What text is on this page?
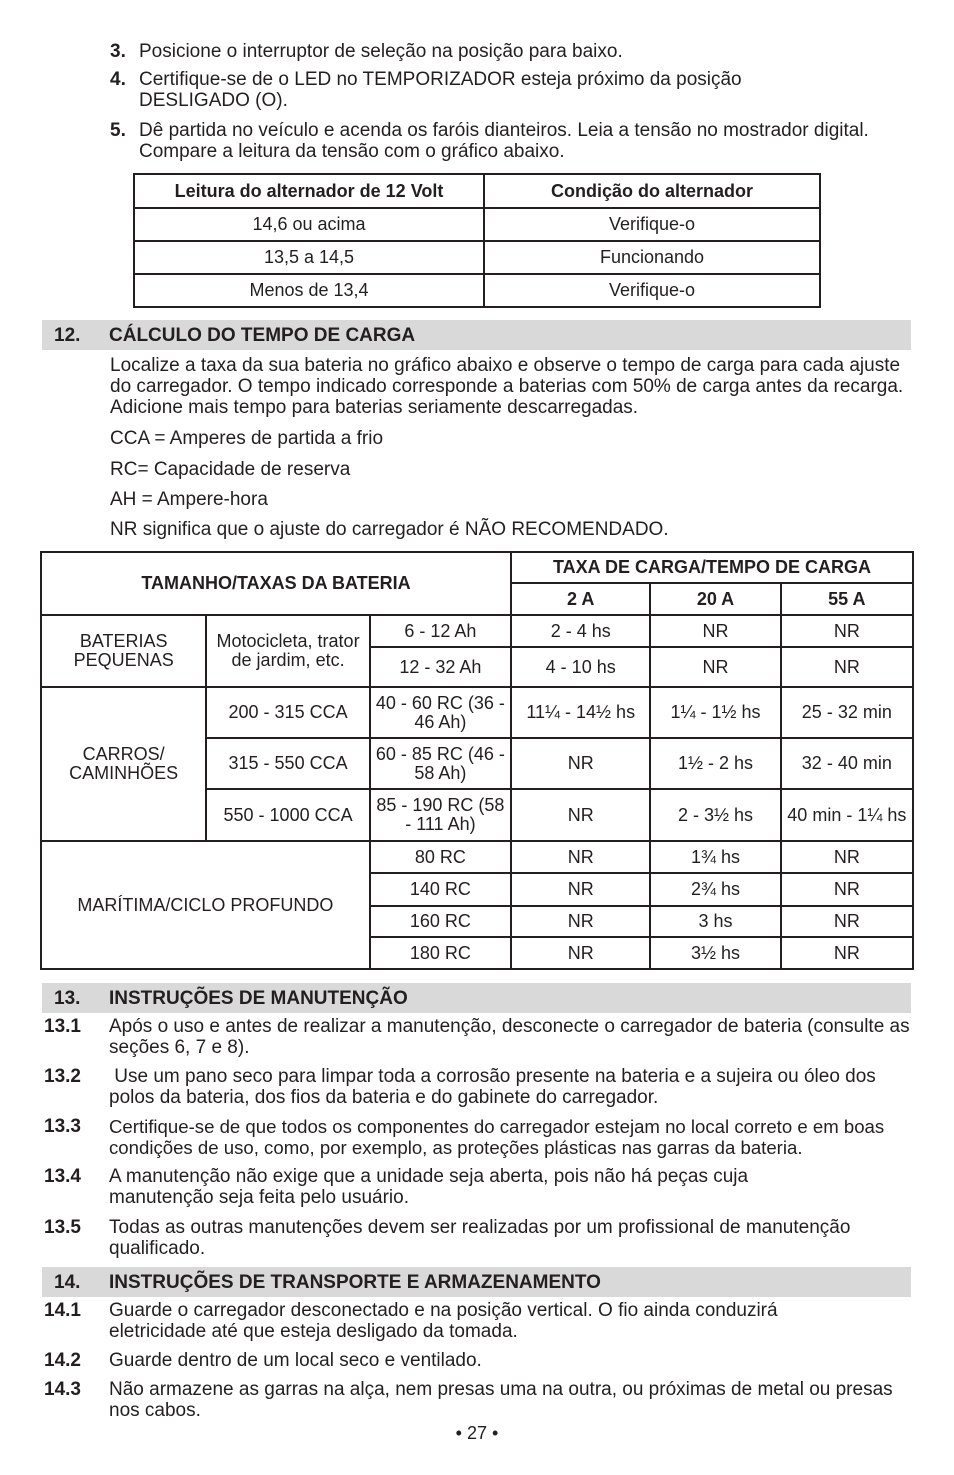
3. Posicione o interruptor de seleção na posição para baixo.
4. Certifique-se de o LED no TEMPORIZADOR esteja próximo da posição DESLIGADO (O).
5. Dê partida no veículo e acenda os faróis dianteiros. Leia a tensão no mostrador digital. Compare a leitura da tensão com o gráfico abaixo.
Leitura do alternador de 12 Volt	Condição do alternador
14,6 ou acima	Verifique-o
13,5 a 14,5	Funcionando
Menos de 13,4	Verifique-o
12. CÁLCULO DO TEMPO DE CARGA
Localize a taxa da sua bateria no gráfico abaixo e observe o tempo de carga para cada ajuste do carregador. O tempo indicado corresponde a baterias com 50% de carga antes da recarga. Adicione mais tempo para baterias seriamente descarregadas.
CCA = Amperes de partida a frio
RC= Capacidade de reserva
AH = Ampere-hora
NR significa que o ajuste do carregador é NÃO RECOMENDADO.
TAMANHO/TAXAS DA BATERIA			TAXA DE CARGA/TEMPO DE CARGA		
			2 A	20 A	55 A
BATERIAS PEQUENAS	Motocicleta, trator de jardim, etc.	6 - 12 Ah	2 - 4 hs	NR	NR
		12 - 32 Ah	4 - 10 hs	NR	NR
CARROS/ CAMINHÕES	200 - 315 CCA	40 - 60 RC (36 - 46 Ah)	11¼ - 14½ hs	1¼ - 1½ hs	25 - 32 min
	315 - 550 CCA	60 - 85 RC (46 - 58 Ah)	NR	1½ - 2 hs	32 - 40 min
	550 - 1000 CCA	85 - 190 RC (58 - 111 Ah)	NR	2 - 3½ hs	40 min - 1¼ hs
MARÍTIMA/CICLO PROFUNDO		80 RC	NR	1¾ hs	NR
		140 RC	NR	2¾ hs	NR
		160 RC	NR	3 hs	NR
		180 RC	NR	3½ hs	NR
13. INSTRUÇÕES DE MANUTENÇÃO
13.1 Após o uso e antes de realizar a manutenção, desconecte o carregador de bateria (consulte as seções 6, 7 e 8).
13.2 Use um pano seco para limpar toda a corrosão presente na bateria e a sujeira ou óleo dos polos da bateria, dos fios da bateria e do gabinete do carregador.
13.3 Certifique-se de que todos os componentes do carregador estejam no local correto e em boas condições de uso, como, por exemplo, as proteções plásticas nas garras da bateria.
13.4 A manutenção não exige que a unidade seja aberta, pois não há peças cuja manutenção seja feita pelo usuário.
13.5 Todas as outras manutenções devem ser realizadas por um profissional de manutenção qualificado.
14. INSTRUÇÕES DE TRANSPORTE E ARMAZENAMENTO
14.1 Guarde o carregador desconectado e na posição vertical. O fio ainda conduzirá eletricidade até que esteja desligado da tomada.
14.2 Guarde dentro de um local seco e ventilado.
14.3 Não armazene as garras na alça, nem presas uma na outra, ou próximas de metal ou presas nos cabos.
• 27 •
